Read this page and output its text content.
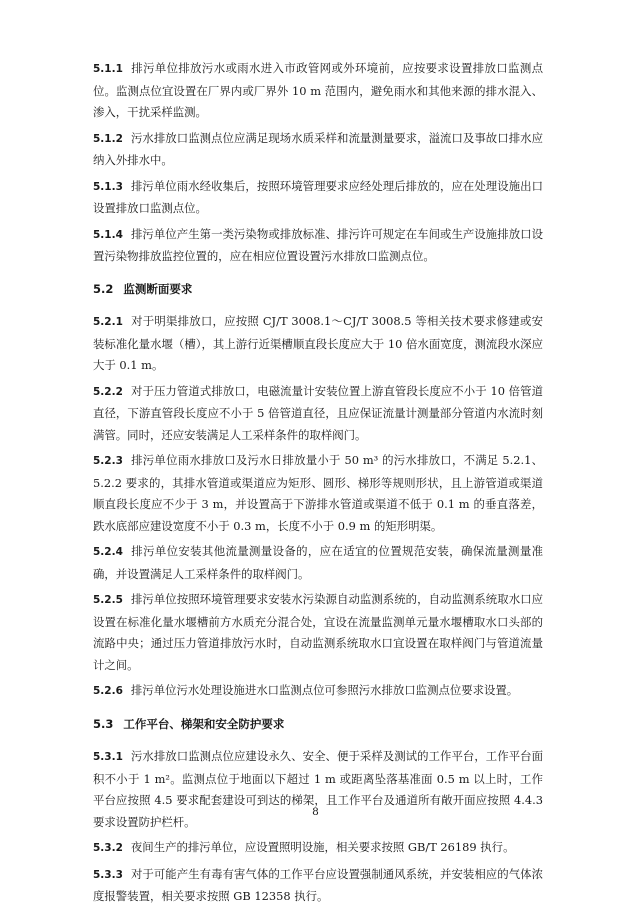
5.1.1 排污单位排放污水或雨水进入市政管网或外环境前，应按要求设置排放口监测点位。监测点位宜设置在厂界内或厂界外 10 m 范围内，避免雨水和其他来源的排水混入、渗入，干扰采样监测。
5.1.2 污水排放口监测点位应满足现场水质采样和流量测量要求，溢流口及事故口排水应纳入外排水中。
5.1.3 排污单位雨水经收集后，按照环境管理要求应经处理后排放的，应在处理设施出口设置排放口监测点位。
5.1.4 排污单位产生第一类污染物或排放标准、排污许可规定在车间或生产设施排放口设置污染物排放监控位置的，应在相应位置设置污水排放口监测点位。
5.2 监测断面要求
5.2.1 对于明渠排放口，应按照 CJ/T 3008.1～CJ/T 3008.5 等相关技术要求修建或安装标准化量水堰（槽），其上游行近渠槽顺直段长度应大于 10 倍水面宽度，测流段水深应大于 0.1 m。
5.2.2 对于压力管道式排放口，电磁流量计安装位置上游直管段长度应不小于 10 倍管道直径，下游直管段长度应不小于 5 倍管道直径，且应保证流量计测量部分管道内水流时刻满管。同时，还应安装满足人工采样条件的取样阀门。
5.2.3 排污单位雨水排放口及污水日排放量小于 50 m³ 的污水排放口，不满足 5.2.1、5.2.2 要求的，其排水管道或渠道应为矩形、圆形、梯形等规则形状，且上游管道或渠道顺直段长度应不少于 3 m，并设置高于下游排水管道或渠道不低于 0.1 m 的垂直落差，跌水底部应建设宽度不小于 0.3 m，长度不小于 0.9 m 的矩形明渠。
5.2.4 排污单位安装其他流量测量设备的，应在适宜的位置规范安装，确保流量测量准确，并设置满足人工采样条件的取样阀门。
5.2.5 排污单位按照环境管理要求安装水污染源自动监测系统的，自动监测系统取水口应设置在标准化量水堰槽前方水质充分混合处，宜设在流量监测单元量水堰槽取水口头部的流路中央；通过压力管道排放污水时，自动监测系统取水口宜设置在取样阀门与管道流量计之间。
5.2.6 排污单位污水处理设施进水口监测点位可参照污水排放口监测点位要求设置。
5.3 工作平台、梯架和安全防护要求
5.3.1 污水排放口监测点位应建设永久、安全、便于采样及测试的工作平台，工作平台面积不小于 1 m²。监测点位于地面以下超过 1 m 或距离坠落基准面 0.5 m 以上时，工作平台应按照 4.5 要求配套建设可到达的梯架，且工作平台及通道所有敞开面应按照 4.4.3 要求设置防护栏杆。
5.3.2 夜间生产的排污单位，应设置照明设施，相关要求按照 GB/T 26189 执行。
5.3.3 对于可能产生有毒有害气体的工作平台应设置强制通风系统，并安装相应的气体浓度报警装置，相关要求按照 GB 12358 执行。
8
